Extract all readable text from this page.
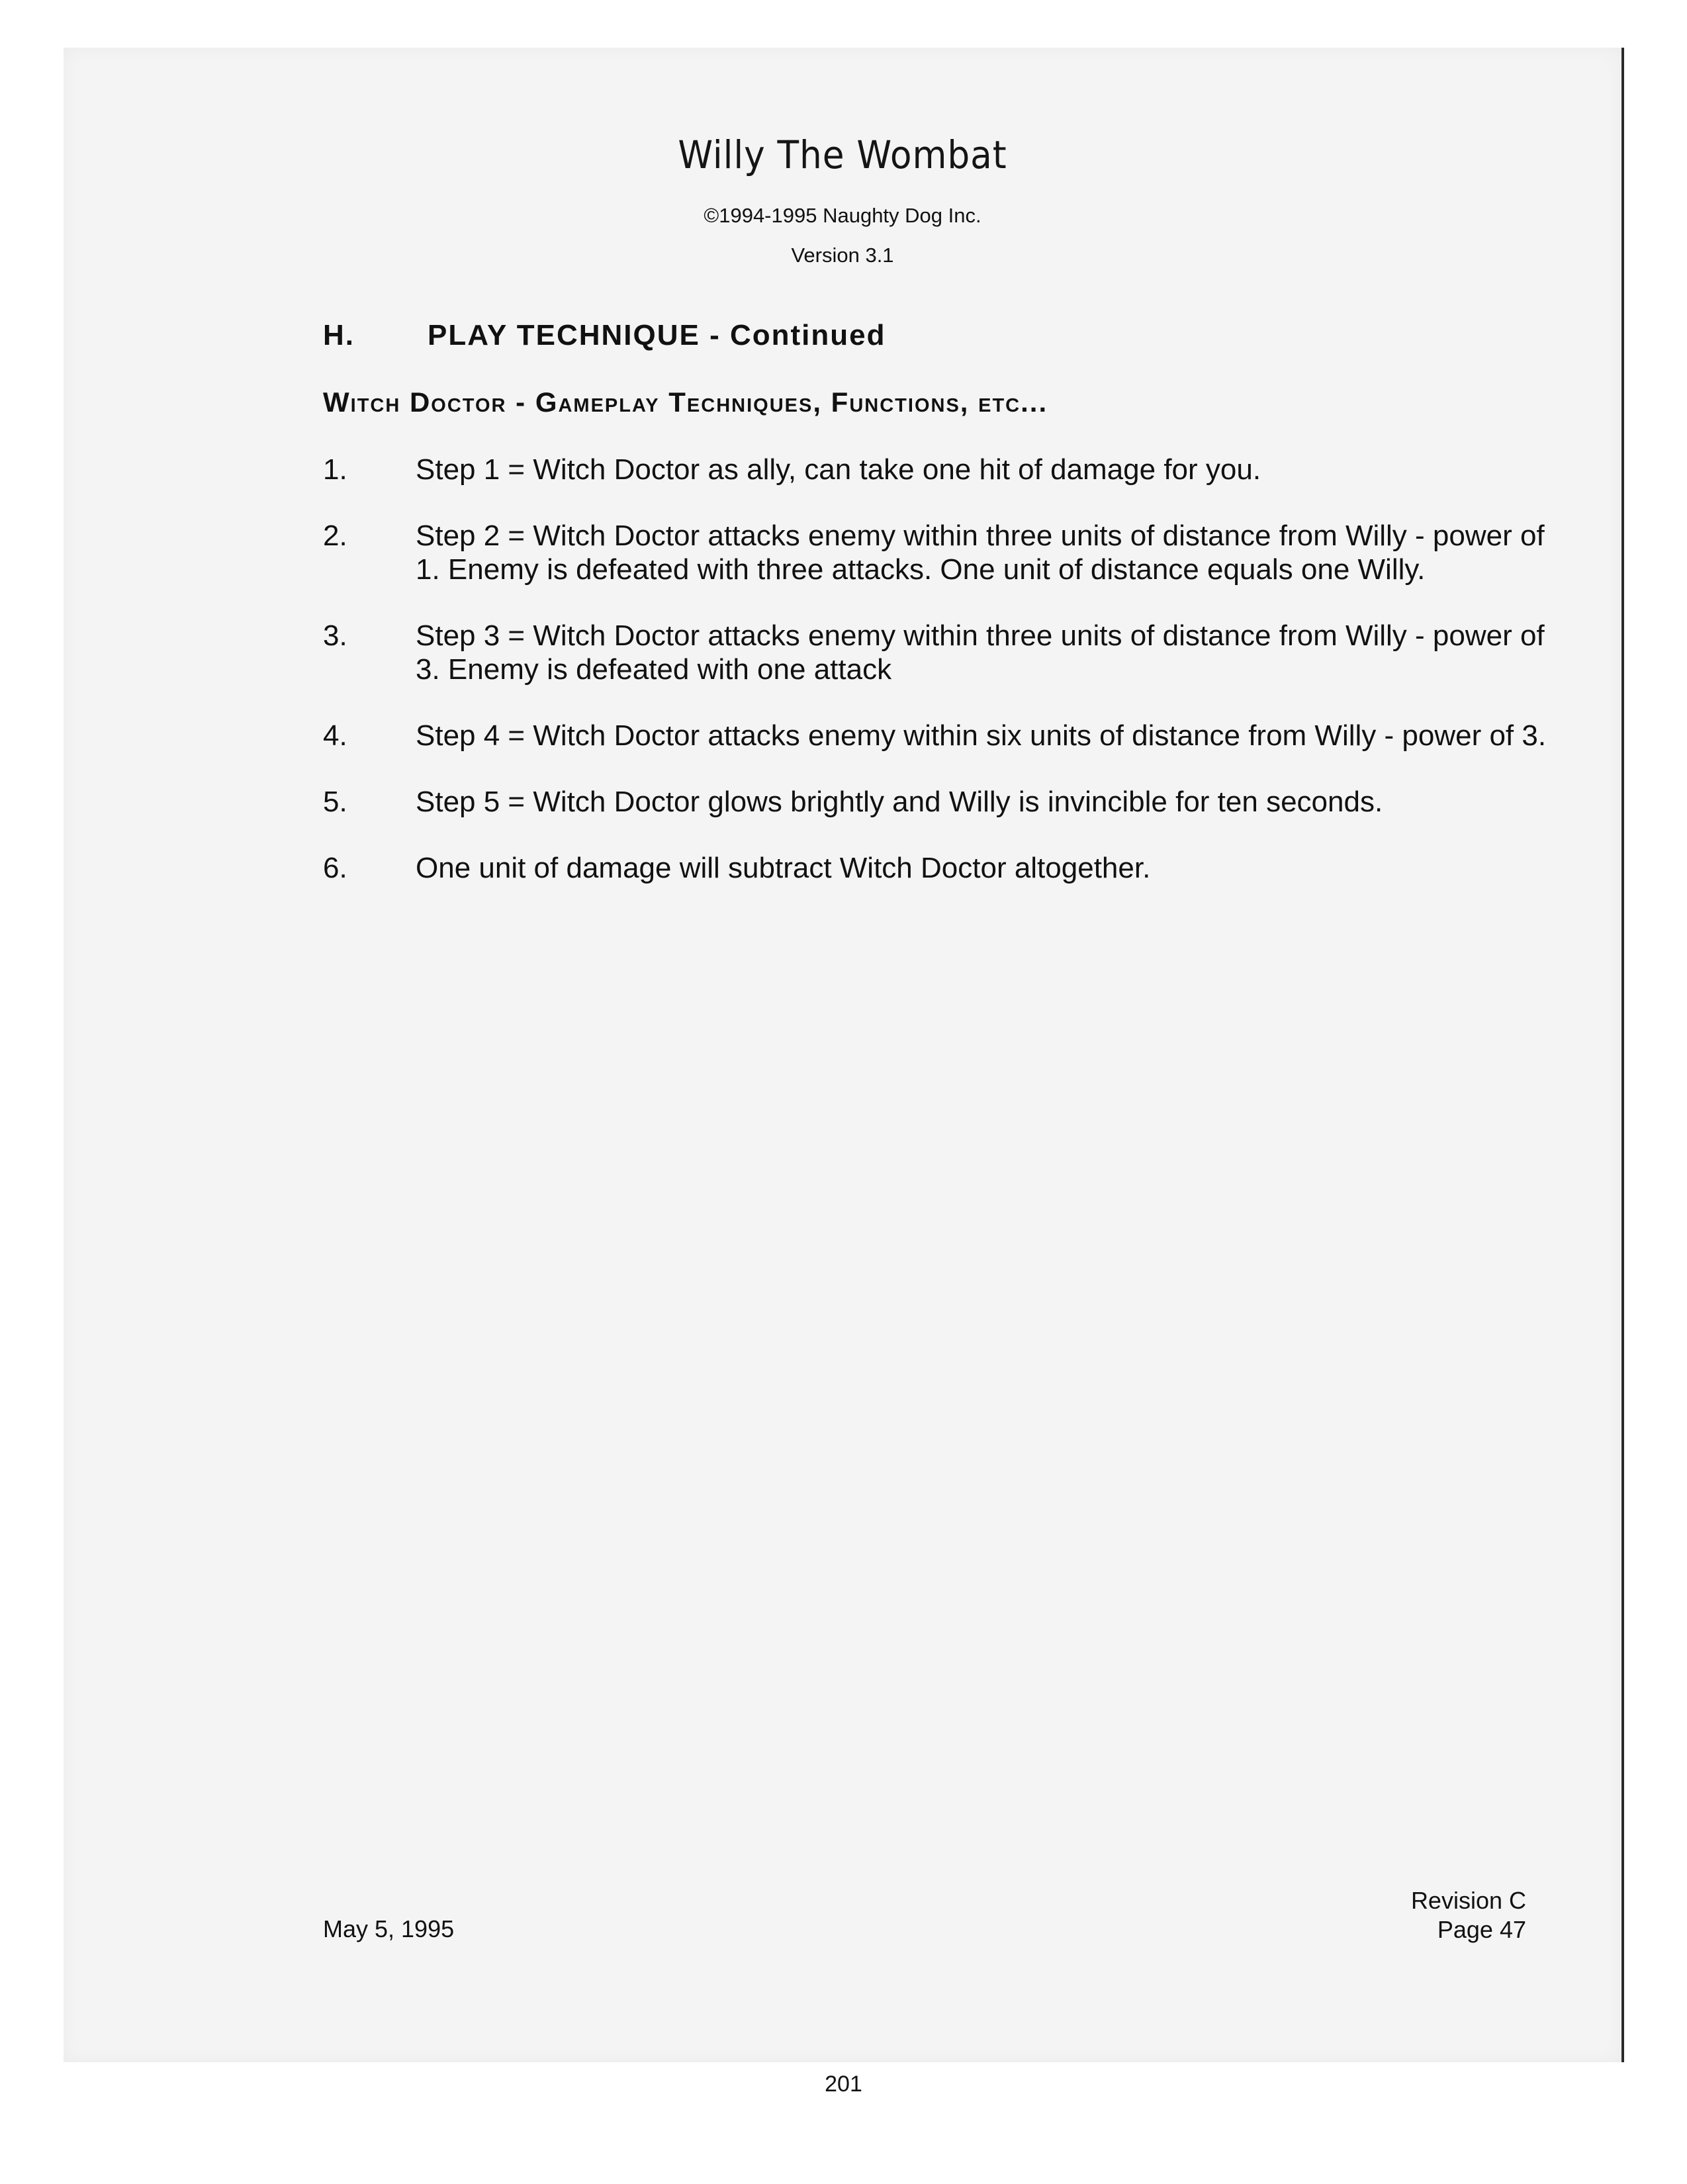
Willy The Wombat
©1994-1995 Naughty Dog Inc.
Version 3.1
H.	PLAY TECHNIQUE - Continued
Witch Doctor - Gameplay Techniques, Functions, etc...
1. Step 1 = Witch Doctor as ally, can take one hit of damage for you.
2. Step 2 = Witch Doctor attacks enemy within three units of distance from Willy - power of 1. Enemy is defeated with three attacks. One unit of distance equals one Willy.
3. Step 3 = Witch Doctor attacks enemy within three units of distance from Willy - power of 3. Enemy is defeated with one attack
4. Step 4 = Witch Doctor attacks enemy within six units of distance from Willy - power of 3.
5. Step 5 = Witch Doctor glows brightly and Willy is invincible for ten seconds.
6. One unit of damage will subtract Witch Doctor altogether.
May 5, 1995
Revision C
Page 47
201
